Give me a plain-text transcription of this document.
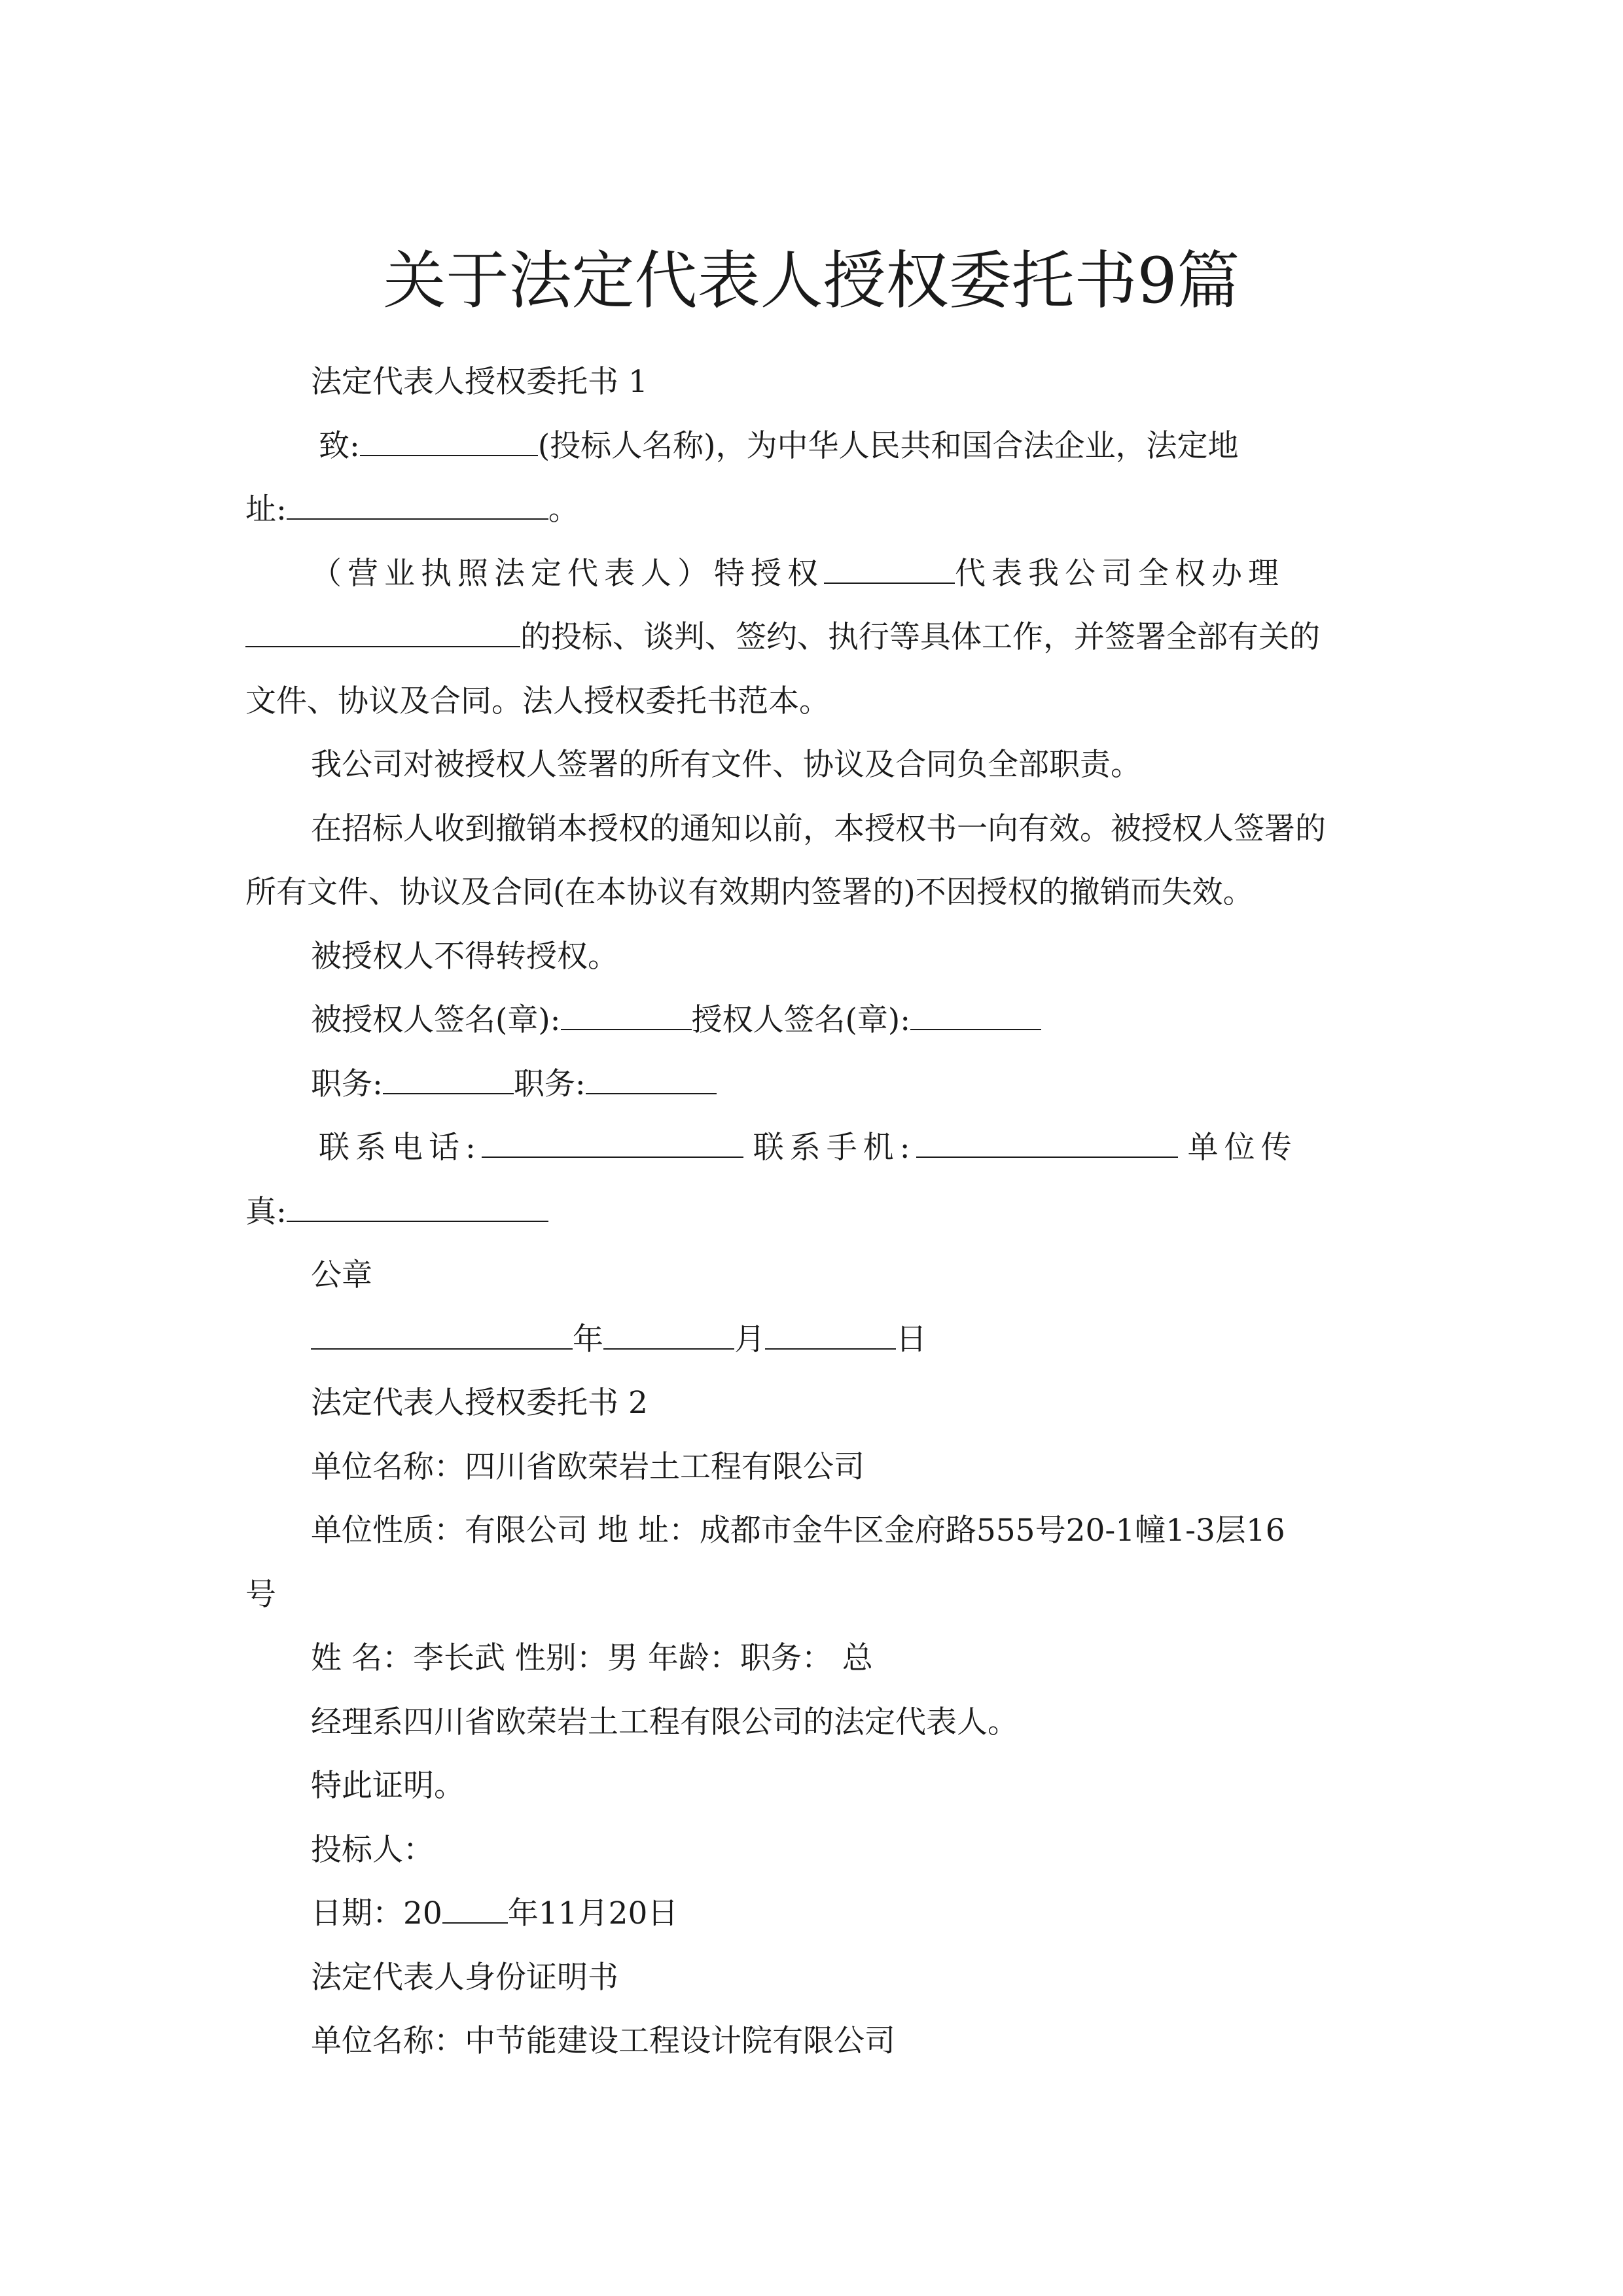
关于法定代表人授权委托书9篇

法定代表人授权委托书 1

致:	(投标人名称)，为中华人民共和国合法企业，法定地

址:	。

（营业执照法定代表人）特授权	代表我公司全权办理

的投标、谈判、签约、执行等具体工作，并签署全部有关的

文件、协议及合同。法人授权委托书范本。

我公司对被授权人签署的所有文件、协议及合同负全部职责。

在招标人收到撤销本授权的通知以前，本授权书一向有效。被授权人签署的

所有文件、协议及合同(在本协议有效期内签署的)不因授权的撤销而失效。

被授权人不得转授权。

被授权人签名(章):	授权人签名(章):

职务:	职务:

联系电话:	联系手机:	单位传

真:

公章

年	月	日

法定代表人授权委托书 2

单位名称：四川省欧荣岩土工程有限公司

单位性质：有限公司 地 址：成都市金牛区金府路555号20-1幢1-3层16

号

姓 名：李长武 性别：男 年龄：职务： 总

经理系四川省欧荣岩土工程有限公司的法定代表人。

特此证明。

投标人：

日期：20 年11月20日

法定代表人身份证明书

单位名称：中节能建设工程设计院有限公司
